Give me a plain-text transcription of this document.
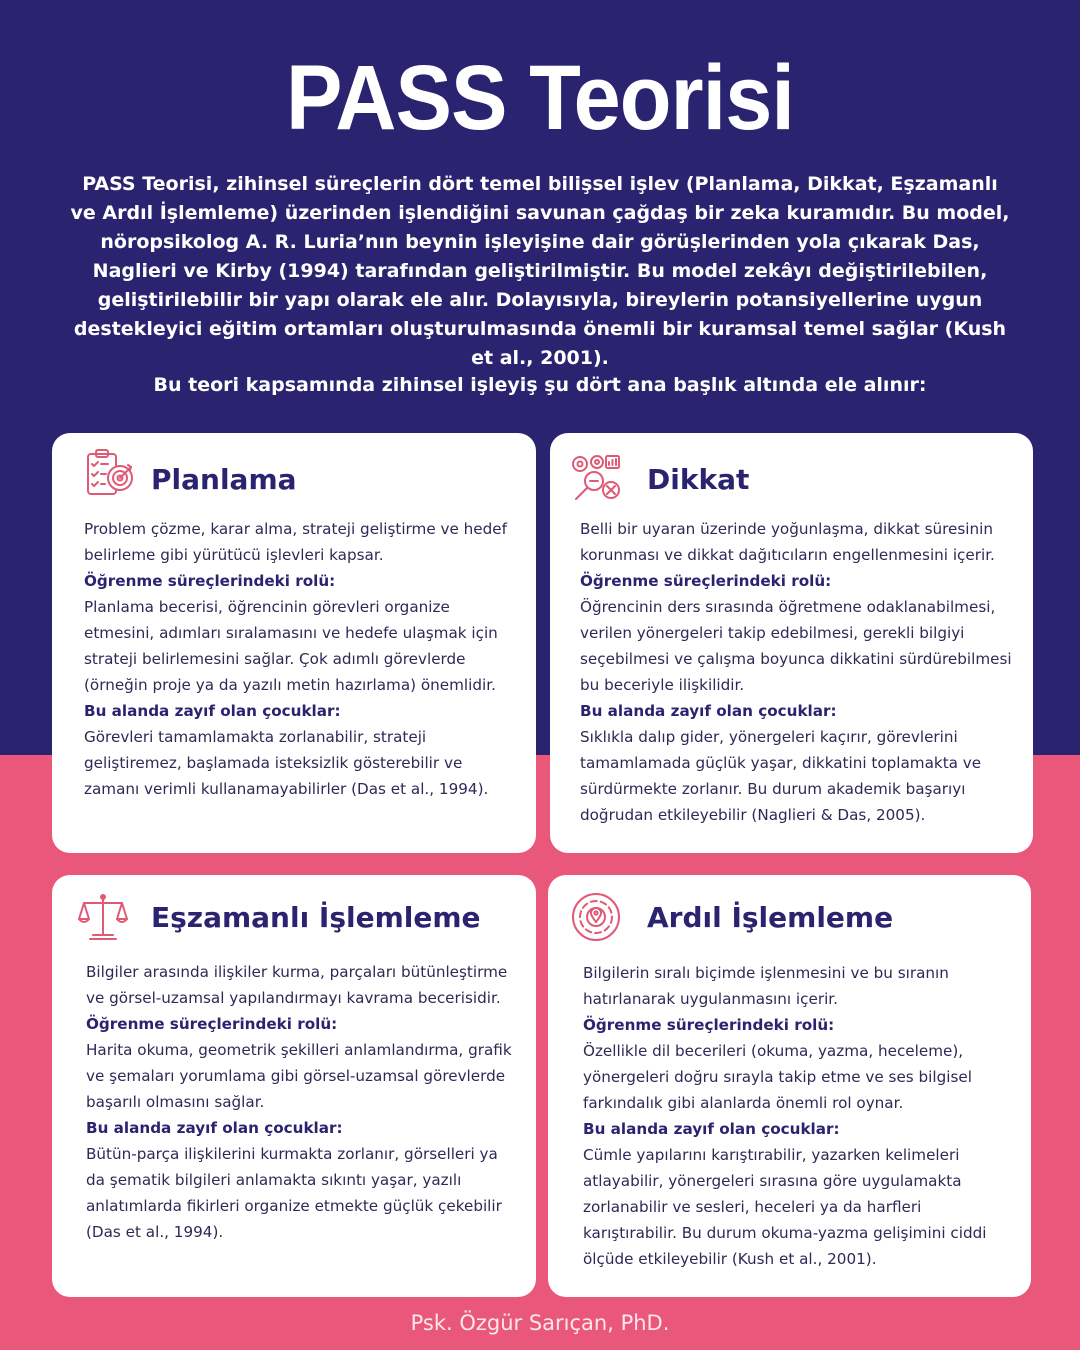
PASS Teorisi

PASS Teorisi, zihinsel süreçlerin dört temel bilişsel işlev (Planlama, Dikkat, Eşzamanlı ve Ardıl İşlemleme) üzerinden işlendiğini savunan çağdaş bir zeka kuramıdır. Bu model, nöropsikolog A. R. Luria’nın beynin işleyişine dair görüşlerinden yola çıkarak Das, Naglieri ve Kirby (1994) tarafından geliştirilmiştir. Bu model zekâyı değiştirilebilen, geliştirilebilir bir yapı olarak ele alır. Dolayısıyla, bireylerin potansiyellerine uygun destekleyici eğitim ortamları oluşturulmasında önemli bir kuramsal temel sağlar (Kush et al., 2001).

Bu teori kapsamında zihinsel işleyiş şu dört ana başlık altında ele alınır:

Planlama

Problem çözme, karar alma, strateji geliştirme ve hedef belirleme gibi yürütücü işlevleri kapsar.

Öğrenme süreçlerindeki rolü:

Planlama becerisi, öğrencinin görevleri organize etmesini, adımları sıralamasını ve hedefe ulaşmak için strateji belirlemesini sağlar. Çok adımlı görevlerde (örneğin proje ya da yazılı metin hazırlama) önemlidir.

Bu alanda zayıf olan çocuklar:

Görevleri tamamlamakta zorlanabilir, strateji geliştiremez, başlamada isteksizlik gösterebilir ve zamanı verimli kullanamayabilirler (Das et al., 1994).

Dikkat

Belli bir uyaran üzerinde yoğunlaşma, dikkat süresinin korunması ve dikkat dağıtıcıların engellenmesini içerir.

Öğrenme süreçlerindeki rolü:

Öğrencinin ders sırasında öğretmene odaklanabilmesi, verilen yönergeleri takip edebilmesi, gerekli bilgiyi seçebilmesi ve çalışma boyunca dikkatini sürdürebilmesi bu beceriyle ilişkilidir.

Bu alanda zayıf olan çocuklar:

Sıklıkla dalıp gider, yönergeleri kaçırır, görevlerini tamamlamada güçlük yaşar, dikkatini toplamakta ve sürdürmekte zorlanır. Bu durum akademik başarıyı doğrudan etkileyebilir (Naglieri & Das, 2005).

Eşzamanlı İşlemleme

Bilgiler arasında ilişkiler kurma, parçaları bütünleştirme ve görsel-uzamsal yapılandırmayı kavrama becerisidir.

Öğrenme süreçlerindeki rolü:

Harita okuma, geometrik şekilleri anlamlandırma, grafik ve şemaları yorumlama gibi görsel-uzamsal görevlerde başarılı olmasını sağlar.

Bu alanda zayıf olan çocuklar:

Bütün-parça ilişkilerini kurmakta zorlanır, görselleri ya da şematik bilgileri anlamakta sıkıntı yaşar, yazılı anlatımlarda fikirleri organize etmekte güçlük çekebilir (Das et al., 1994).

Ardıl İşlemleme

Bilgilerin sıralı biçimde işlenmesini ve bu sıranın hatırlanarak uygulanmasını içerir.

Öğrenme süreçlerindeki rolü:

Özellikle dil becerileri (okuma, yazma, heceleme), yönergeleri doğru sırayla takip etme ve ses bilgisel farkındalık gibi alanlarda önemli rol oynar.

Bu alanda zayıf olan çocuklar:

Cümle yapılarını karıştırabilir, yazarken kelimeleri atlayabilir, yönergeleri sırasına göre uygulamakta zorlanabilir ve sesleri, heceleri ya da harfleri karıştırabilir. Bu durum okuma-yazma gelişimini ciddi ölçüde etkileyebilir (Kush et al., 2001).

Psk. Özgür Sarıçan, PhD.
